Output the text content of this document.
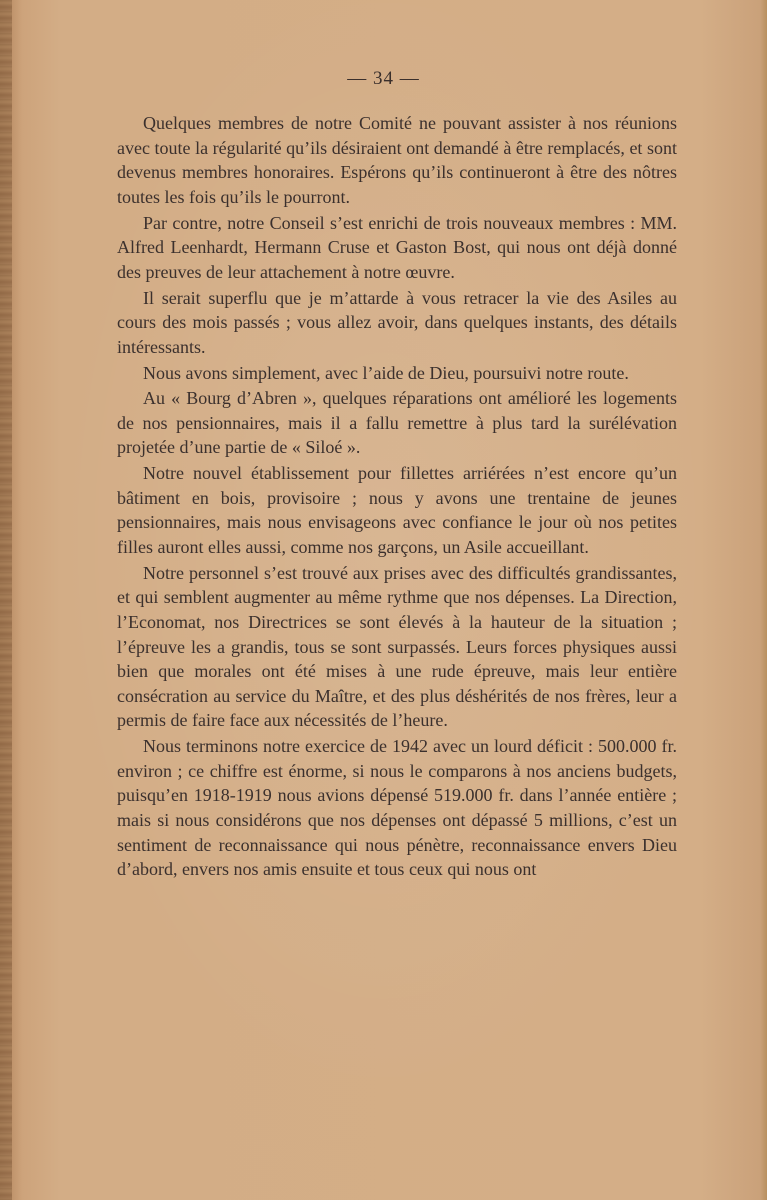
— 34 —

Quelques membres de notre Comité ne pouvant assister à nos réunions avec toute la régularité qu’ils désiraient ont demandé à être remplacés, et sont devenus membres honoraires. Espérons qu’ils continueront à être des nôtres toutes les fois qu’ils le pourront.

Par contre, notre Conseil s’est enrichi de trois nouveaux membres : MM. Alfred Leenhardt, Hermann Cruse et Gaston Bost, qui nous ont déjà donné des preuves de leur attachement à notre œuvre.

Il serait superflu que je m’attarde à vous retracer la vie des Asiles au cours des mois passés ; vous allez avoir, dans quelques instants, des détails intéressants.

Nous avons simplement, avec l’aide de Dieu, poursuivi notre route.

Au « Bourg d’Abren », quelques réparations ont amélioré les logements de nos pensionnaires, mais il a fallu remettre à plus tard la surélévation projetée d’une partie de « Siloé ».

Notre nouvel établissement pour fillettes arriérées n’est encore qu’un bâtiment en bois, provisoire ; nous y avons une trentaine de jeunes pensionnaires, mais nous envisageons avec confiance le jour où nos petites filles auront elles aussi, comme nos garçons, un Asile accueillant.

Notre personnel s’est trouvé aux prises avec des difficultés grandissantes, et qui semblent augmenter au même rythme que nos dépenses. La Direction, l’Economat, nos Directrices se sont élevés à la hauteur de la situation ; l’épreuve les a grandis, tous se sont surpassés. Leurs forces physiques aussi bien que morales ont été mises à une rude épreuve, mais leur entière consécration au service du Maître, et des plus déshérités de nos frères, leur a permis de faire face aux nécessités de l’heure.

Nous terminons notre exercice de 1942 avec un lourd déficit : 500.000 fr. environ ; ce chiffre est énorme, si nous le comparons à nos anciens budgets, puisqu’en 1918-1919 nous avions dépensé 519.000 fr. dans l’année entière ; mais si nous considérons que nos dépenses ont dépassé 5 millions, c’est un sentiment de reconnaissance qui nous pénètre, reconnaissance envers Dieu d’abord, envers nos amis ensuite et tous ceux qui nous ont
